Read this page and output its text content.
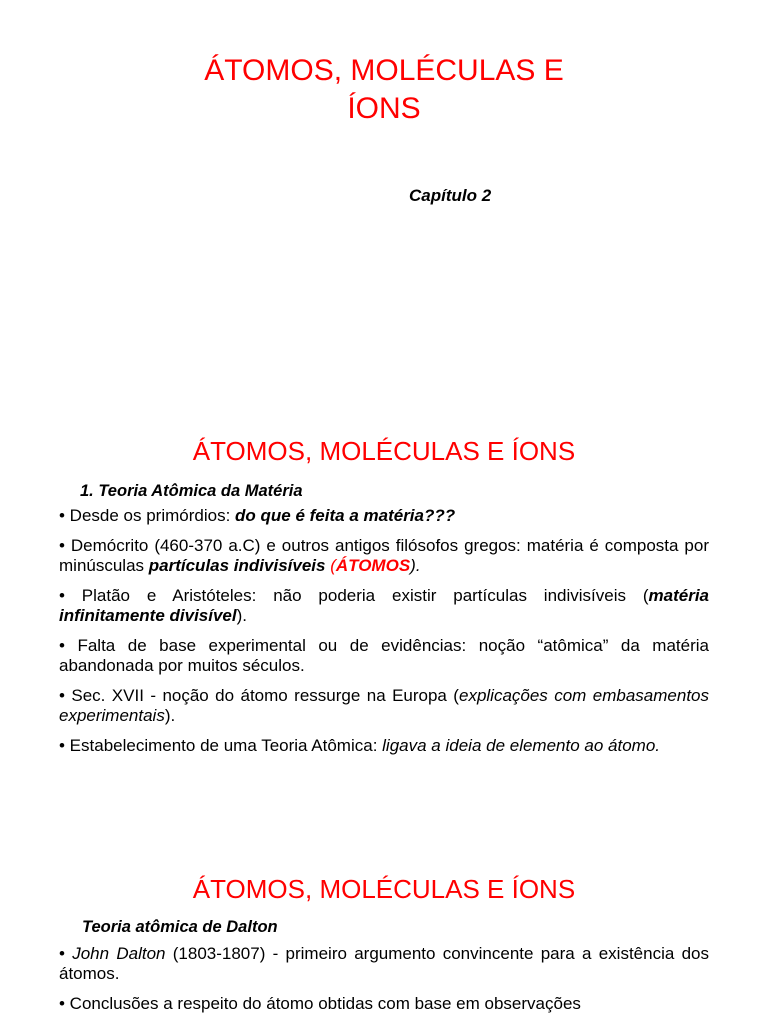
ÁTOMOS, MOLÉCULAS E
ÍONS

Capítulo 2

ÁTOMOS, MOLÉCULAS E ÍONS

1. Teoria Atômica da Matéria

• Desde os primórdios: do que é feita a matéria???
• Demócrito (460-370 a.C) e outros antigos filósofos gregos: matéria é composta por minúsculas partículas indivisíveis (ÁTOMOS).
• Platão e Aristóteles: não poderia existir partículas indivisíveis (matéria infinitamente divisível).
• Falta de base experimental ou de evidências: noção “atômica” da matéria abandonada por muitos séculos.
• Sec. XVII - noção do átomo ressurge na Europa (explicações com embasamentos experimentais).
• Estabelecimento de uma Teoria Atômica: ligava a ideia de elemento ao átomo.
ÁTOMOS, MOLÉCULAS E ÍONS

Teoria atômica de Dalton

• John Dalton (1803-1807) - primeiro argumento convincente para a existência dos átomos.
• Conclusões a respeito do átomo obtidas com base em observações
